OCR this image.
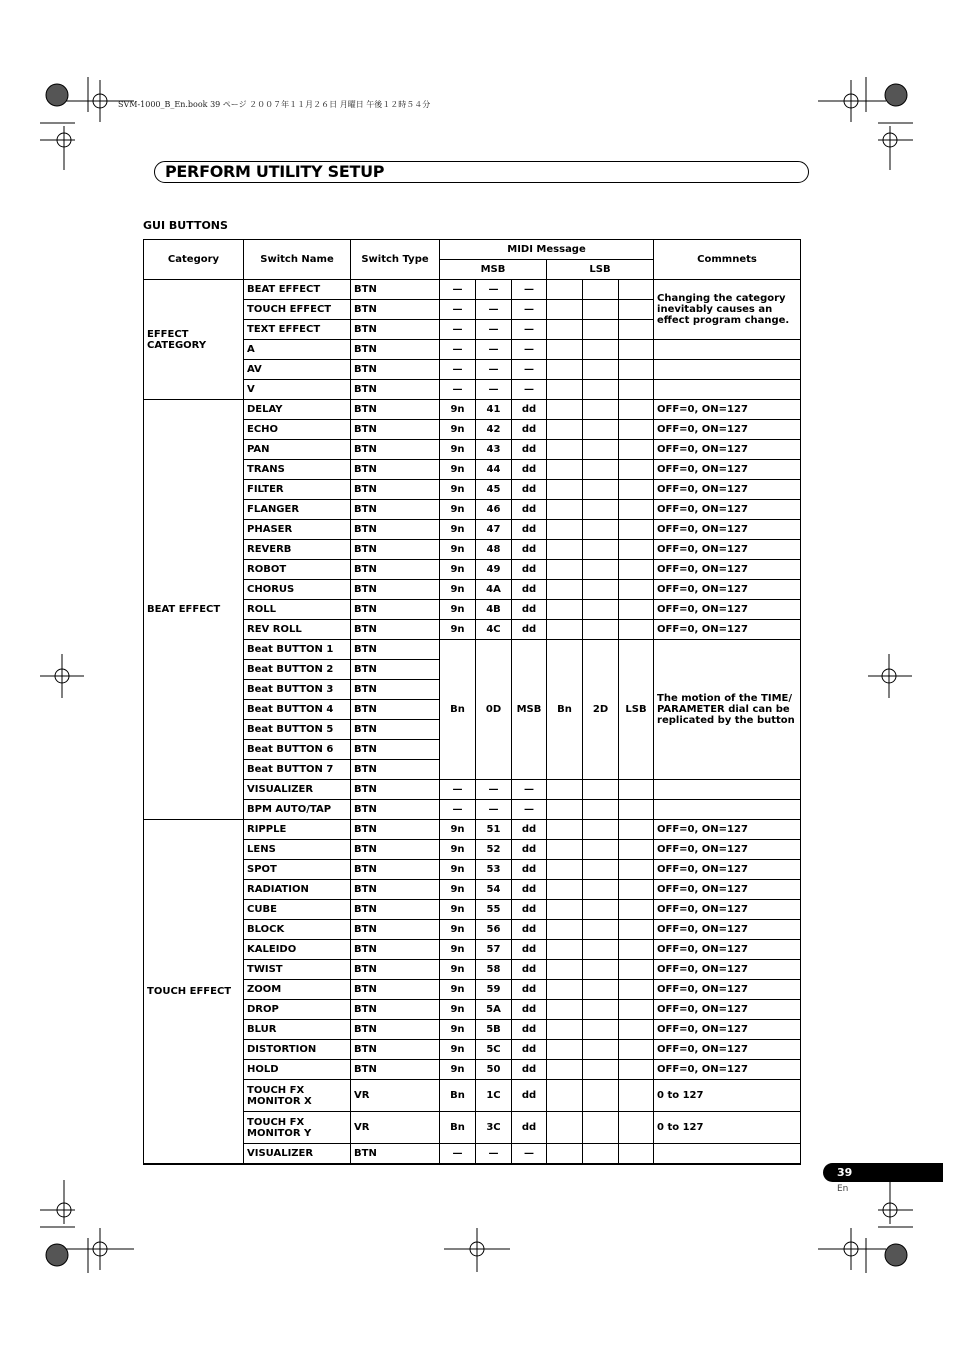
SVM-1000_B_En.book 39 ページ ２００７年１１月２６日 月曜日 午後１２時５４分
PERFORM UTILITY SETUP
GUI BUTTONS
Category	Switch Name	Switch Type	MIDI Message						Commnets
			MSB			LSB			
EFFECT CATEGORY	BEAT EFFECT	BTN	—	—	—				Changing the category inevitably causes an effect program change.
	TOUCH EFFECT	BTN	—	—	—				
	TEXT EFFECT	BTN	—	—	—				
	A	BTN	—	—	—				
	AV	BTN	—	—	—				
	V	BTN	—	—	—				
BEAT EFFECT	DELAY	BTN	9n	41	dd				OFF=0, ON=127
	ECHO	BTN	9n	42	dd				OFF=0, ON=127
	PAN	BTN	9n	43	dd				OFF=0, ON=127
	TRANS	BTN	9n	44	dd				OFF=0, ON=127
	FILTER	BTN	9n	45	dd				OFF=0, ON=127
	FLANGER	BTN	9n	46	dd				OFF=0, ON=127
	PHASER	BTN	9n	47	dd				OFF=0, ON=127
	REVERB	BTN	9n	48	dd				OFF=0, ON=127
	ROBOT	BTN	9n	49	dd				OFF=0, ON=127
	CHORUS	BTN	9n	4A	dd				OFF=0, ON=127
	ROLL	BTN	9n	4B	dd				OFF=0, ON=127
	REV ROLL	BTN	9n	4C	dd				OFF=0, ON=127
	Beat BUTTON 1	BTN	Bn	0D	MSB	Bn	2D	LSB	The motion of the TIME/ PARAMETER dial can be replicated by the button
	Beat BUTTON 2	BTN							
	Beat BUTTON 3	BTN							
	Beat BUTTON 4	BTN							
	Beat BUTTON 5	BTN							
	Beat BUTTON 6	BTN							
	Beat BUTTON 7	BTN							
	VISUALIZER	BTN	—	—	—				
	BPM AUTO/TAP	BTN	—	—	—				
TOUCH EFFECT	RIPPLE	BTN	9n	51	dd				OFF=0, ON=127
	LENS	BTN	9n	52	dd				OFF=0, ON=127
	SPOT	BTN	9n	53	dd				OFF=0, ON=127
	RADIATION	BTN	9n	54	dd				OFF=0, ON=127
	CUBE	BTN	9n	55	dd				OFF=0, ON=127
	BLOCK	BTN	9n	56	dd				OFF=0, ON=127
	KALEIDO	BTN	9n	57	dd				OFF=0, ON=127
	TWIST	BTN	9n	58	dd				OFF=0, ON=127
	ZOOM	BTN	9n	59	dd				OFF=0, ON=127
	DROP	BTN	9n	5A	dd				OFF=0, ON=127
	BLUR	BTN	9n	5B	dd				OFF=0, ON=127
	DISTORTION	BTN	9n	5C	dd				OFF=0, ON=127
	HOLD	BTN	9n	50	dd				OFF=0, ON=127
	TOUCH FX MONITOR X	VR	Bn	1C	dd				0 to 127
	TOUCH FX MONITOR Y	VR	Bn	3C	dd				0 to 127
	VISUALIZER	BTN	—	—	—				
39
En
